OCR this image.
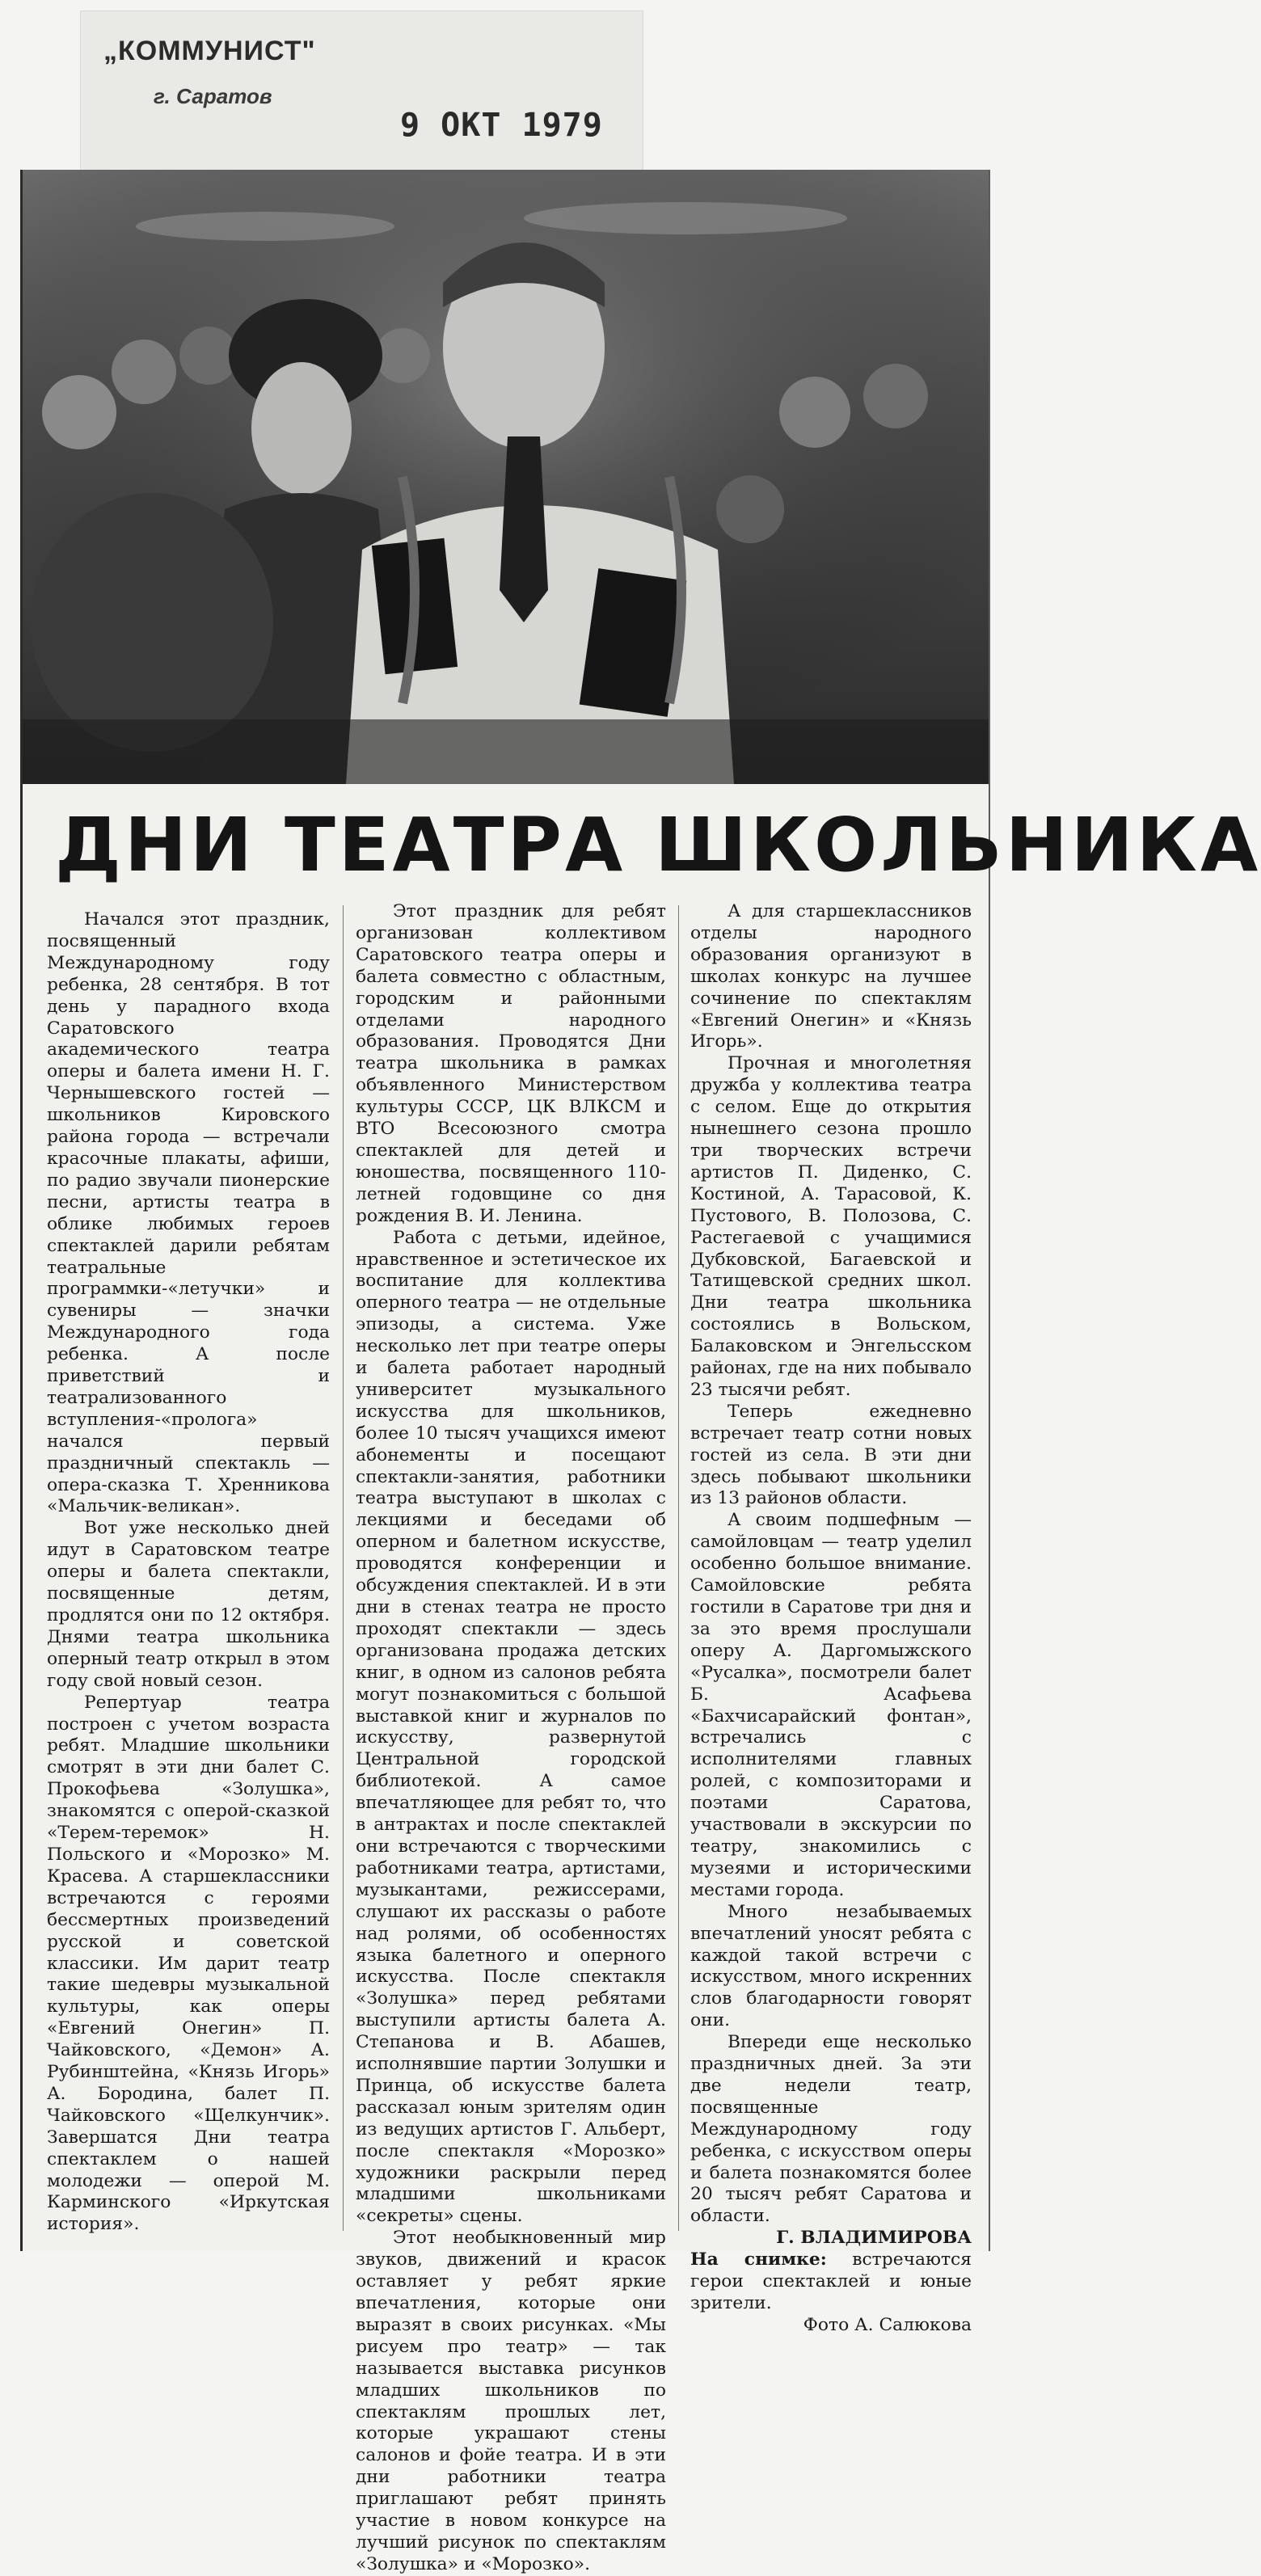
„КОММУНИСТ"
г. Саратов
9 ОКТ 1979
ДНИ ТЕАТРА ШКОЛЬНИКА

Начался этот праздник, посвященный Международному году ребенка, 28 сентября. В тот день у парадного входа Саратовского академического театра оперы и балета имени Н. Г. Чернышевского гостей — школьников Кировского района города — встречали красочные плакаты, афиши, по радио звучали пионерские песни, артисты театра в облике любимых героев спектаклей дарили ребятам театральные программки-«летучки» и сувениры — значки Международного года ребенка. А после приветствий и театрализованного вступления-«пролога» начался первый праздничный спектакль — опера-сказка Т. Хренникова «Мальчик-великан».

Вот уже несколько дней идут в Саратовском театре оперы и балета спектакли, посвященные детям, продлятся они по 12 октября. Днями театра школьника оперный театр открыл в этом году свой новый сезон.

Репертуар театра построен с учетом возраста ребят. Младшие школьники смотрят в эти дни балет С. Прокофьева «Золушка», знакомятся с оперой-сказкой «Терем-теремок» Н. Польского и «Морозко» М. Красева. А старшеклассники встречаются с героями бессмертных произведений русской и советской классики. Им дарит театр такие шедевры музыкальной культуры, как оперы «Евгений Онегин» П. Чайковского, «Демон» А. Рубинштейна, «Князь Игорь» А. Бородина, балет П. Чайковского «Щелкунчик». Завершатся Дни театра спектаклем о нашей молодежи — оперой М. Карминского «Иркутская история».

Этот праздник для ребят организован коллективом Саратовского театра оперы и балета совместно с областным, городским и районными отделами народного образования. Проводятся Дни театра школьника в рамках объявленного Министерством культуры СССР, ЦК ВЛКСМ и ВТО Всесоюзного смотра спектаклей для детей и юношества, посвященного 110-летней годовщине со дня рождения В. И. Ленина.

Работа с детьми, идейное, нравственное и эстетическое их воспитание для коллектива оперного театра — не отдельные эпизоды, а система. Уже несколько лет при театре оперы и балета работает народный университет музыкального искусства для школьников, более 10 тысяч учащихся имеют абонементы и посещают спектакли-занятия, работники театра выступают в школах с лекциями и беседами об оперном и балетном искусстве, проводятся конференции и обсуждения спектаклей. И в эти дни в стенах театра не просто проходят спектакли — здесь организована продажа детских книг, в одном из салонов ребята могут познакомиться с большой выставкой книг и журналов по искусству, развернутой Центральной городской библиотекой. А самое впечатляющее для ребят то, что в антрактах и после спектаклей они встречаются с творческими работниками театра, артистами, музыкантами, режиссерами, слушают их рассказы о работе над ролями, об особенностях языка балетного и оперного искусства. После спектакля «Золушка» перед ребятами выступили артисты балета А. Степанова и В. Абашев, исполнявшие партии Золушки и Принца, об искусстве балета рассказал юным зрителям один из ведущих артистов Г. Альберт, после спектакля «Морозко» художники раскрыли перед младшими школьниками «секреты» сцены.

Этот необыкновенный мир звуков, движений и красок оставляет у ребят яркие впечатления, которые они выразят в своих рисунках. «Мы рисуем про театр» — так называется выставка рисунков младших школьников по спектаклям прошлых лет, которые украшают стены салонов и фойе театра. И в эти дни работники театра приглашают ребят принять участие в новом конкурсе на лучший рисунок по спектаклям «Золушка» и «Морозко».

А для старшеклассников отделы народного образования организуют в школах конкурс на лучшее сочинение по спектаклям «Евгений Онегин» и «Князь Игорь».

Прочная и многолетняя дружба у коллектива театра с селом. Еще до открытия нынешнего сезона прошло три творческих встречи артистов П. Диденко, С. Костиной, А. Тарасовой, К. Пустового, В. Полозова, С. Растегаевой с учащимися Дубковской, Багаевской и Татищевской средних школ. Дни театра школьника состоялись в Вольском, Балаковском и Энгельсском районах, где на них побывало 23 тысячи ребят.

Теперь ежедневно встречает театр сотни новых гостей из села. В эти дни здесь побывают школьники из 13 районов области.

А своим подшефным — самойловцам — театр уделил особенно большое внимание. Самойловские ребята гостили в Саратове три дня и за это время прослушали оперу А. Даргомыжского «Русалка», посмотрели балет Б. Асафьева «Бахчисарайский фонтан», встречались с исполнителями главных ролей, с композиторами и поэтами Саратова, участвовали в экскурсии по театру, знакомились с музеями и историческими местами города.

Много незабываемых впечатлений уносят ребята с каждой такой встречи с искусством, много искренних слов благодарности говорят они.

Впереди еще несколько праздничных дней. За эти две недели театр, посвященные Международному году ребенка, с искусством оперы и балета познакомятся более 20 тысяч ребят Саратова и области.

Г. ВЛАДИМИРОВА

На снимке: встречаются герои спектаклей и юные зрители.

Фото А. Салюкова
